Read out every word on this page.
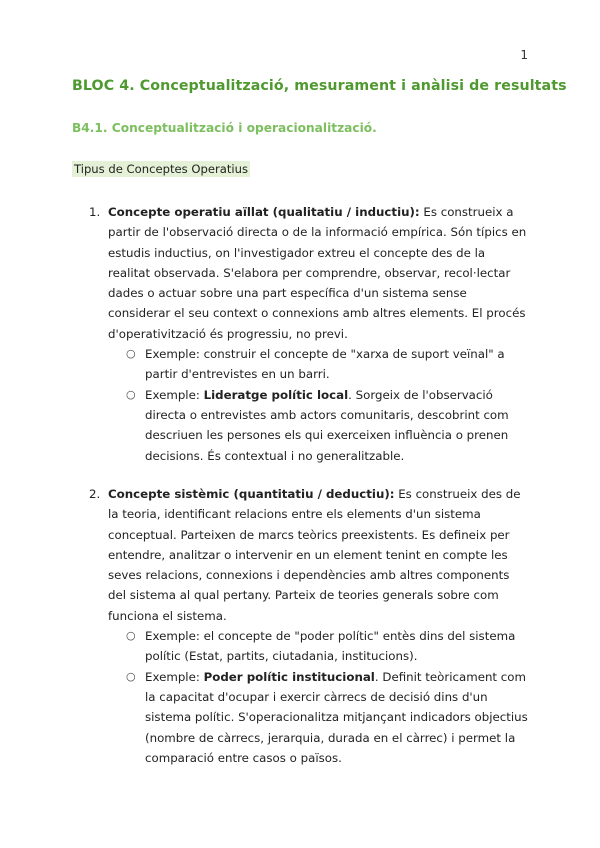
1
BLOC 4. Conceptualització, mesurament i anàlisi de resultats
B4.1. Conceptualització i operacionalització.
Tipus de Conceptes Operatius
1. Concepte operatiu aïllat (qualitatiu / inductiu): Es construeix a partir de l'observació directa o de la informació empírica. Són típics en estudis inductius, on l'investigador extreu el concepte des de la realitat observada. S'elabora per comprendre, observar, recol·lectar dades o actuar sobre una part específica d'un sistema sense considerar el seu context o connexions amb altres elements. El procés d'operativització és progressiu, no previ.
○ Exemple: construir el concepte de "xarxa de suport veïnal" a partir d'entrevistes en un barri.
○ Exemple: Lideratge polític local. Sorgeix de l'observació directa o entrevistes amb actors comunitaris, descobrint com descriuen les persones els qui exerceixen influència o prenen decisions. És contextual i no generalitzable.
2. Concepte sistèmic (quantitatiu / deductiu): Es construeix des de la teoria, identificant relacions entre els elements d'un sistema conceptual. Parteixen de marcs teòrics preexistents. Es defineix per entendre, analitzar o intervenir en un element tenint en compte les seves relacions, connexions i dependències amb altres components del sistema al qual pertany. Parteix de teories generals sobre com funciona el sistema.
○ Exemple: el concepte de "poder polític" entès dins del sistema polític (Estat, partits, ciutadania, institucions).
○ Exemple: Poder polític institucional. Definit teòricament com la capacitat d'ocupar i exercir càrrecs de decisió dins d'un sistema polític. S'operacionalitza mitjançant indicadors objectius (nombre de càrrecs, jerarquia, durada en el càrrec) i permet la comparació entre casos o països.
